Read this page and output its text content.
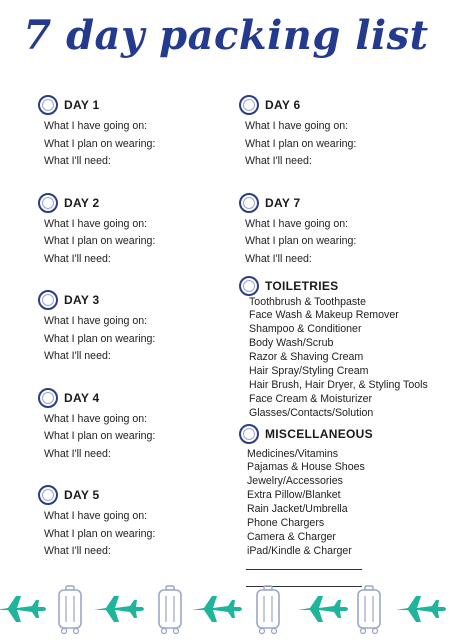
7 day packing list
DAY 1
What I have going on:
What I plan on wearing:
What I'll need:
DAY 2
What I have going on:
What I plan on wearing:
What I'll need:
DAY 3
What I have going on:
What I plan on wearing:
What I'll need:
DAY 4
What I have going on:
What I plan on wearing:
What I'll need:
DAY 5
What I have going on:
What I plan on wearing:
What I'll need:
DAY 6
What I have going on:
What I plan on wearing:
What I'll need:
DAY 7
What I have going on:
What I plan on wearing:
What I'll need:
TOILETRIES
Toothbrush & Toothpaste
Face Wash & Makeup Remover
Shampoo & Conditioner
Body Wash/Scrub
Razor & Shaving Cream
Hair Spray/Styling Cream
Hair Brush, Hair Dryer, & Styling Tools
Face Cream & Moisturizer
Glasses/Contacts/Solution
MISCELLANEOUS
Medicines/Vitamins
Pajamas & House Shoes
Jewelry/Accessories
Extra Pillow/Blanket
Rain Jacket/Umbrella
Phone Chargers
Camera & Charger
iPad/Kindle & Charger
